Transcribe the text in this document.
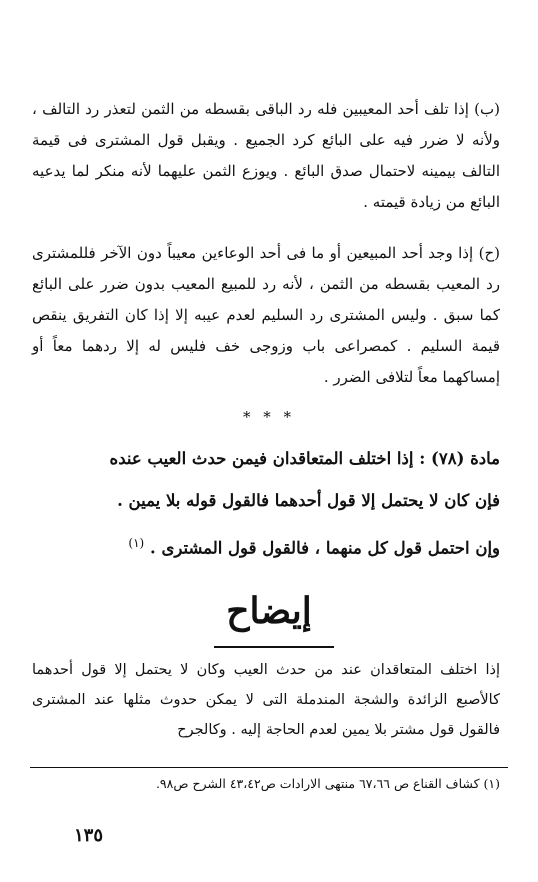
(ب) إذا تلف أحد المعيبين فله رد الباقى بقسطه من الثمن لتعذر رد التالف ، ولأنه لا ضرر فيه على البائع كرد الجميع . ويقبل قول المشترى فى قيمة التالف بيمينه لاحتمال صدق البائع . ويوزع الثمن عليهما لأنه منكر لما يدعيه البائع من زيادة قيمته .

(ح) إذا وجد أحد المبيعين أو ما فى أحد الوعاءين معيباً دون الآخر فللمشترى رد المعيب بقسطه من الثمن ، لأنه رد للمبيع المعيب بدون ضرر على البائع كما سبق . وليس المشترى رد السليم لعدم عيبه إلا إذا كان التفريق ينقص قيمة السليم . كمصراعى باب وزوجى خف فليس له إلا ردهما معاً أو إمساكهما معاً لتلافى الضرر .

* * *

مادة (٧٨) : إذا اختلف المتعاقدان فيمن حدث العيب عنده

فإن كان لا يحتمل إلا قول أحدهما فالقول قوله بلا يمين .

وإن احتمل قول كل منهما ، فالقول قول المشترى . $^{(١)}$

إيضاح

إذا اختلف المتعاقدان عند من حدث العيب وكان لا يحتمل إلا قول أحدهما كالأصبع الزائدة والشجة المندملة التى لا يمكن حدوث مثلها عند المشترى فالقول قول مشتر بلا يمين لعدم الحاجة إليه . وكالجرح

(١) كشاف القناع ص ٦٧،٦٦ منتهى الارادات ص٤٣،٤٢ الشرح ص٩٨.
١٣٥
